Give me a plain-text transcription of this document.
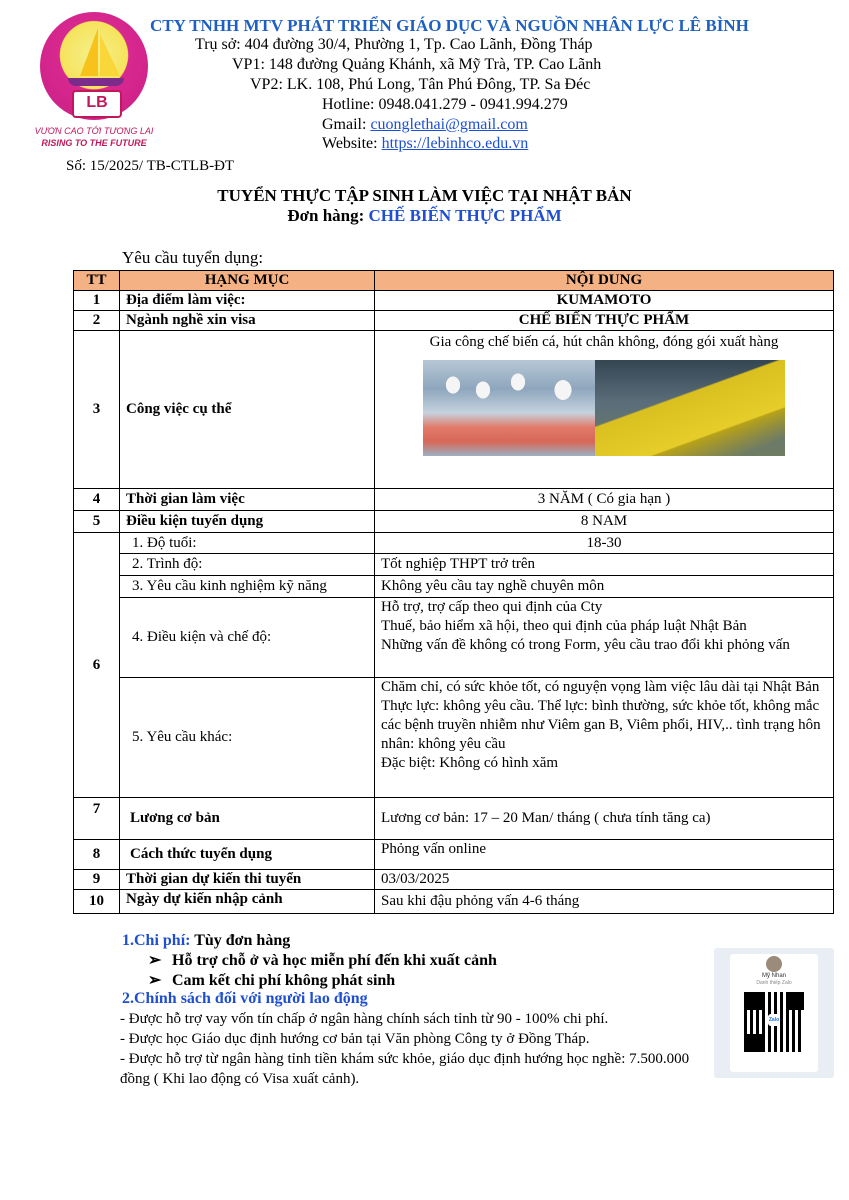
LB
VƯƠN CAO TỚI TƯƠNG LAI
RISING TO THE FUTURE
CTY TNHH MTV PHÁT TRIỂN GIÁO DỤC VÀ NGUỒN NHÂN LỰC LÊ BÌNH
Trụ sở: 404 đường 30/4, Phường 1, Tp. Cao Lãnh, Đồng Tháp
VP1: 148 đường Quảng Khánh, xã Mỹ Trà, TP. Cao Lãnh
VP2: LK. 108, Phú Long, Tân Phú Đông, TP. Sa Đéc
Hotline: 0948.041.279 - 0941.994.279
Gmail: cuonglethai@gmail.com
Website: https://lebinhco.edu.vn
Số: 15/2025/ TB-CTLB-ĐT
TUYỂN THỰC TẬP SINH LÀM VIỆC TẠI NHẬT BẢN
Đơn hàng: CHẾ BIẾN THỰC PHẨM
Yêu cầu tuyển dụng:
TT	HẠNG MỤC	NỘI DUNG
1	Địa điểm làm việc:	KUMAMOTO
2	Ngành nghề xin visa	CHẾ BIẾN THỰC PHẨM
3	Công việc cụ thể	Gia công chế biến cá, hút chân không, đóng gói xuất hàng

4	Thời gian làm việc	3 NĂM ( Có gia hạn )
5	Điều kiện tuyển dụng	8 NAM
6	1. Độ tuổi:	18-30
	2. Trình độ:	Tốt nghiệp THPT trở trên
	3. Yêu cầu kinh nghiệm kỹ năng	Không yêu cầu tay nghề chuyên môn
	4. Điều kiện và chế độ:	Hỗ trợ, trợ cấp theo qui định của Cty
Thuế, bảo hiểm xã hội, theo qui định của pháp luật Nhật Bản
Những vấn đề không có trong Form, yêu cầu trao đổi khi phỏng vấn

	5. Yêu cầu khác:	Chăm chỉ, có sức khỏe tốt, có nguyện vọng làm việc lâu dài tại Nhật Bản
Thực lực: không yêu cầu. Thể lực: bình thường, sức khỏe tốt, không mắc các bệnh truyền nhiễm như Viêm gan B, Viêm phổi, HIV,.. tình trạng hôn nhân: không yêu cầu
Đặc biệt: Không có hình xăm

7	Lương cơ bản	Lương cơ bản: 17 – 20 Man/ tháng ( chưa tính tăng ca)
8	Cách thức tuyển dụng	Phỏng vấn online
9	Thời gian dự kiến thi tuyển	03/03/2025
10	Ngày dự kiến nhập cảnh	Sau khi đậu phỏng vấn 4-6 tháng
1.Chi phí: Tùy đơn hàng
➢ Hỗ trợ chỗ ở và học miễn phí đến khi xuất cảnh
➢ Cam kết chi phí không phát sinh
2.Chính sách đối với người lao động
- Được hỗ trợ vay vốn tín chấp ở ngân hàng chính sách tỉnh từ 90 - 100% chi phí.
- Được học Giáo dục định hướng cơ bản tại Văn phòng Công ty ở Đồng Tháp.
- Được hỗ trợ từ ngân hàng tỉnh tiền khám sức khỏe, giáo dục định hướng học nghề: 7.500.000 đồng ( Khi lao động có Visa xuất cảnh).
Mỹ Nhan
Danh thiếp Zalo
Zalo
